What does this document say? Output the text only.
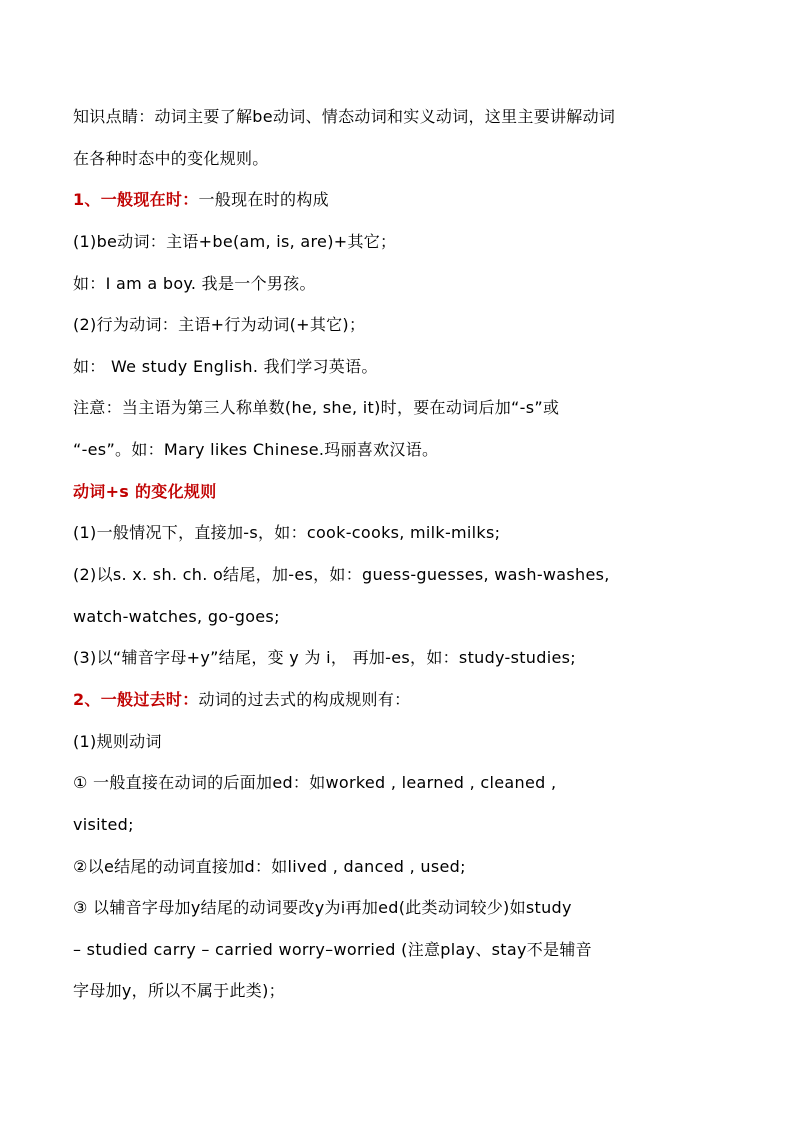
知识点睛：动词主要了解be动词、情态动词和实义动词，这里主要讲解动词
在各种时态中的变化规则。
1、一般现在时：一般现在时的构成
(1)be动词：主语+be(am, is, are)+其它；
如：I am a boy. 我是一个男孩。
(2)行为动词：主语+行为动词(+其它)；
如： We study English. 我们学习英语。
注意：当主语为第三人称单数(he, she, it)时，要在动词后加“-s”或
“-es”。如：Mary likes Chinese.玛丽喜欢汉语。
动词+s 的变化规则
(1)一般情况下，直接加-s，如：cook-cooks, milk-milks;
(2)以s. x. sh. ch. o结尾，加-es，如：guess-guesses, wash-washes,
watch-watches, go-goes;
(3)以“辅音字母+y”结尾，变 y 为 i， 再加-es，如：study-studies;
2、一般过去时：动词的过去式的构成规则有：
(1)规则动词
① 一般直接在动词的后面加ed：如worked , learned , cleaned ,
visited;
②以e结尾的动词直接加d：如lived , danced , used;
③ 以辅音字母加y结尾的动词要改y为i再加ed(此类动词较少)如study
– studied carry – carried worry–worried (注意play、stay不是辅音
字母加y，所以不属于此类)；
